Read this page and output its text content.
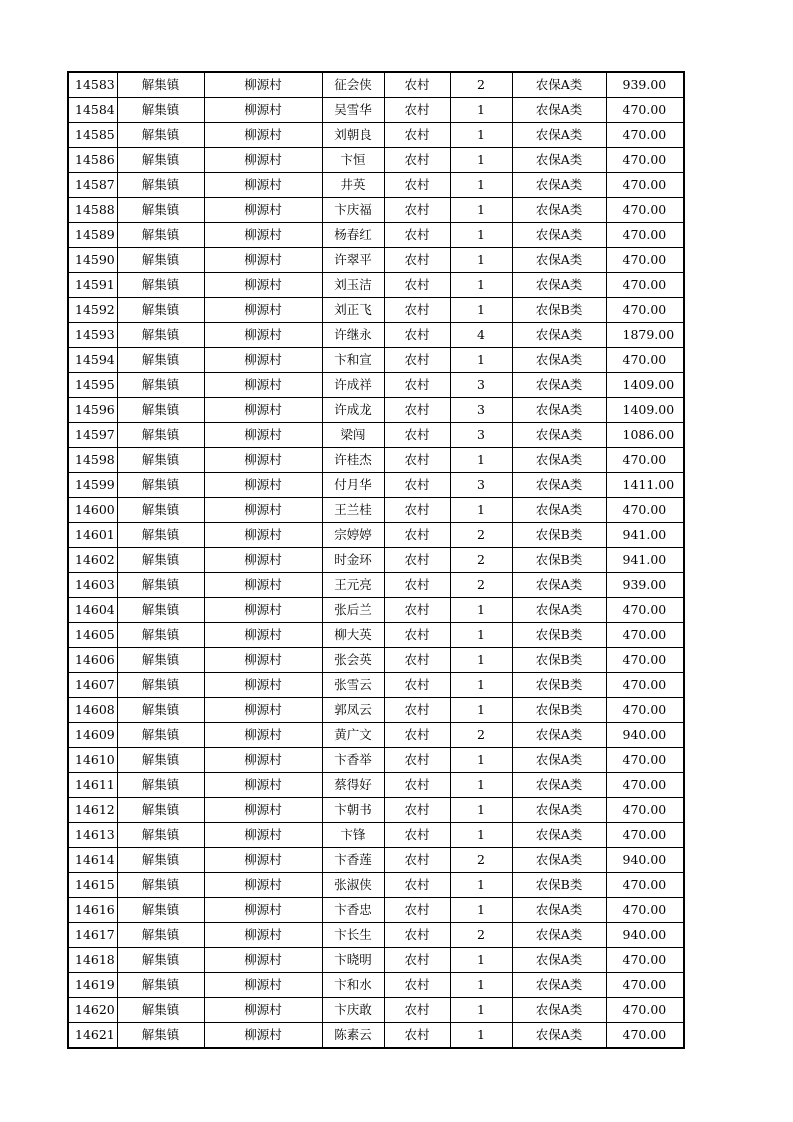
14583	解集镇	柳源村	征会侠	农村	2	农保A类	939.00
14584	解集镇	柳源村	吴雪华	农村	1	农保A类	470.00
14585	解集镇	柳源村	刘朝良	农村	1	农保A类	470.00
14586	解集镇	柳源村	卞恒	农村	1	农保A类	470.00
14587	解集镇	柳源村	井英	农村	1	农保A类	470.00
14588	解集镇	柳源村	卞庆福	农村	1	农保A类	470.00
14589	解集镇	柳源村	杨春红	农村	1	农保A类	470.00
14590	解集镇	柳源村	许翠平	农村	1	农保A类	470.00
14591	解集镇	柳源村	刘玉洁	农村	1	农保A类	470.00
14592	解集镇	柳源村	刘正飞	农村	1	农保B类	470.00
14593	解集镇	柳源村	许继永	农村	4	农保A类	1879.00
14594	解集镇	柳源村	卞和宣	农村	1	农保A类	470.00
14595	解集镇	柳源村	许成祥	农村	3	农保A类	1409.00
14596	解集镇	柳源村	许成龙	农村	3	农保A类	1409.00
14597	解集镇	柳源村	梁闯	农村	3	农保A类	1086.00
14598	解集镇	柳源村	许桂杰	农村	1	农保A类	470.00
14599	解集镇	柳源村	付月华	农村	3	农保A类	1411.00
14600	解集镇	柳源村	王兰桂	农村	1	农保A类	470.00
14601	解集镇	柳源村	宗婷婷	农村	2	农保B类	941.00
14602	解集镇	柳源村	时金环	农村	2	农保B类	941.00
14603	解集镇	柳源村	王元亮	农村	2	农保A类	939.00
14604	解集镇	柳源村	张后兰	农村	1	农保A类	470.00
14605	解集镇	柳源村	柳大英	农村	1	农保B类	470.00
14606	解集镇	柳源村	张会英	农村	1	农保B类	470.00
14607	解集镇	柳源村	张雪云	农村	1	农保B类	470.00
14608	解集镇	柳源村	郭凤云	农村	1	农保B类	470.00
14609	解集镇	柳源村	黄广文	农村	2	农保A类	940.00
14610	解集镇	柳源村	卞香举	农村	1	农保A类	470.00
14611	解集镇	柳源村	蔡得好	农村	1	农保A类	470.00
14612	解集镇	柳源村	卞朝书	农村	1	农保A类	470.00
14613	解集镇	柳源村	卞锋	农村	1	农保A类	470.00
14614	解集镇	柳源村	卞香莲	农村	2	农保A类	940.00
14615	解集镇	柳源村	张淑侠	农村	1	农保B类	470.00
14616	解集镇	柳源村	卞香忠	农村	1	农保A类	470.00
14617	解集镇	柳源村	卞长生	农村	2	农保A类	940.00
14618	解集镇	柳源村	卞晓明	农村	1	农保A类	470.00
14619	解集镇	柳源村	卞和水	农村	1	农保A类	470.00
14620	解集镇	柳源村	卞庆敢	农村	1	农保A类	470.00
14621	解集镇	柳源村	陈素云	农村	1	农保A类	470.00
